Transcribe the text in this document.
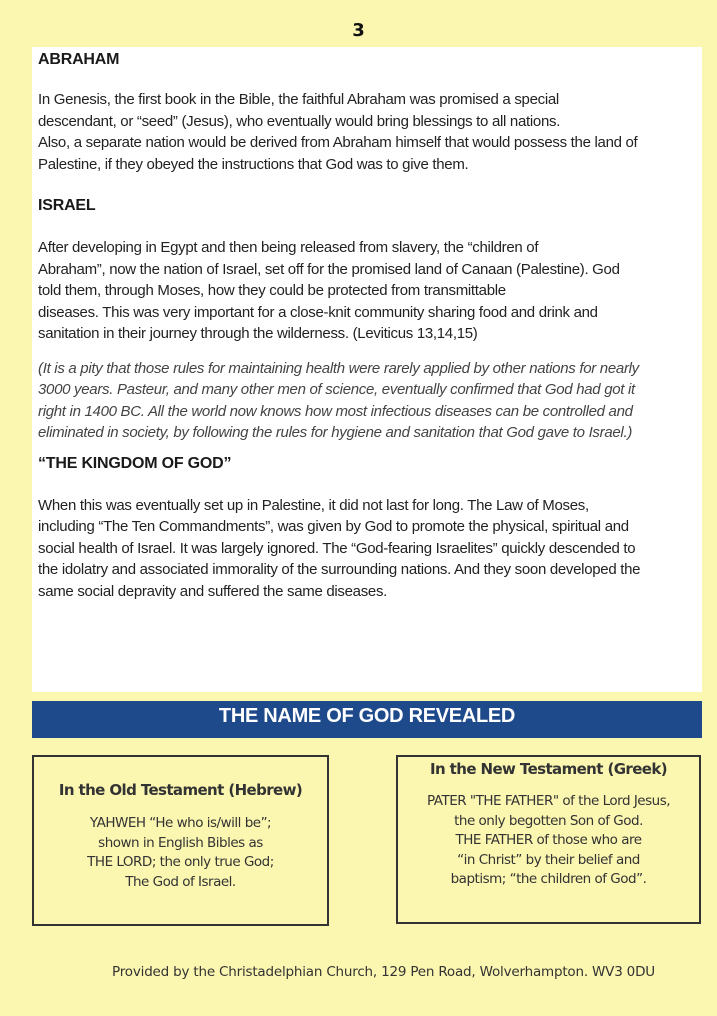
3
ABRAHAM

In Genesis, the first book in the Bible, the faithful Abraham was promised a special
descendant, or “seed” (Jesus), who eventually would bring blessings to all nations.
Also, a separate nation would be derived from Abraham himself that would possess the land of
Palestine, if they obeyed the instructions that God was to give them.

ISRAEL

After developing in Egypt and then being released from slavery, the “children of
Abraham”, now the nation of Israel, set off for the promised land of Canaan (Palestine). God
told them, through Moses, how they could be protected from transmittable
diseases. This was very important for a close-knit community sharing food and drink and
sanitation in their journey through the wilderness. (Leviticus 13,14,15)

(It is a pity that those rules for maintaining health were rarely applied by other nations for nearly
3000 years. Pasteur, and many other men of science, eventually confirmed that God had got it
right in 1400 BC. All the world now knows how most infectious diseases can be controlled and
eliminated in society, by following the rules for hygiene and sanitation that God gave to Israel.)

“THE KINGDOM OF GOD”

When this was eventually set up in Palestine, it did not last for long. The Law of Moses,
including “The Ten Commandments”, was given by God to promote the physical, spiritual and
social health of Israel. It was largely ignored. The “God-fearing Israelites” quickly descended to
the idolatry and associated immorality of the surrounding nations. And they soon developed the
same social depravity and suffered the same diseases.

THE NAME OF GOD REVEALED
In the Old Testament (Hebrew)
YAHWEH “He who is/will be”;
shown in English Bibles as
THE LORD; the only true God;
The God of Israel.
In the New Testament (Greek)
PATER "THE FATHER" of the Lord Jesus,
the only begotten Son of God.
THE FATHER of those who are
“in Christ” by their belief and
baptism; “the children of God”.
Provided by the Christadelphian Church, 129 Pen Road, Wolverhampton. WV3 0DU
